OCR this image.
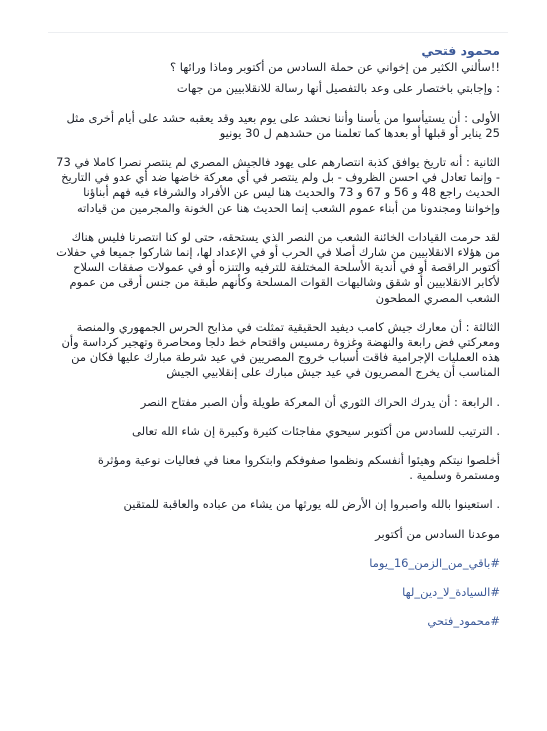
محمود فتحي

!!سألني الكثير من إخواني عن حملة السادس من أكتوبر وماذا ورائها ؟

: وإجابتي باختصار على وعد بالتفصيل أنها رسالة للانقلابيين من جهات

الأولى : أن يستيأسوا من يأسنا وأننا نحشد على يوم بعيد وقد يعقبه حشد على أيام أخرى مثل 25 يناير أو قبلها أو بعدها كما تعلمنا من حشدهم ل 30 يونيو

الثانية : أنه تاريخ يوافق كذبة انتصارهم على يهود فالجيش المصري لم ينتصر نصرا كاملا في 73 - وإنما تعادل في احسن الظروف - بل ولم ينتصر في أي معركة خاضها ضد أي عدو في التاريخ الحديث راجع 48 و 56 و 67 و 73 والحديث هنا ليس عن الأفراد والشرفاء فيه فهم أبناؤنا وإخواننا ومجندونا من أبناء عموم الشعب إنما الحديث هنا عن الخونة والمجرمين من قياداته

لقد حرمت القيادات الخائنة الشعب من النصر الذي يستحقه، حتى لو كنا انتصرنا فليس هناك من هؤلاء الانقلابيين من شارك أصلا في الحرب أو في الإعداد لها، إنما شاركوا جميعا في حفلات أكتوبر الراقصة أو في أندية الأسلحة المختلفة للترفيه والتنزه أو في عمولات صفقات السلاح لأكابر الانقلابيين أو شقق وشاليهات القوات المسلحة وكأنهم طبقة من جنس أرقى من عموم الشعب المصري المطحون

الثالثة : أن معارك جيش كامب ديفيد الحقيقية تمثلت في مذابح الحرس الجمهوري والمنصة ومعركتي فض رابعة والنهضة وغزوة رمسيس واقتحام خط دلجا ومحاصرة وتهجير كرداسة وأن هذه العمليات الإجرامية فاقت أسباب خروج المصريين في عيد شرطة مبارك عليها فكان من المناسب أن يخرج المصريون في عيد جيش مبارك على إنقلابيي الجيش

. الرابعة : أن يدرك الحراك الثوري أن المعركة طويلة وأن الصبر مفتاح النصر

. الترتيب للسادس من أكتوبر سيحوي مفاجئات كثيرة وكبيرة إن شاء الله تعالى

أخلصوا نيتكم وهيئوا أنفسكم ونظموا صفوفكم وابتكروا معنا في فعاليات نوعية ومؤثرة ومستمرة وسلمية .

. استعينوا بالله واصبروا إن الأرض لله يورثها من يشاء من عباده والعاقبة للمتقين

موعدنا السادس من أكتوبر

#باقي_من_الزمن_16_يوما
#السيادة_لا_دين_لها
#محمود_فتحي
